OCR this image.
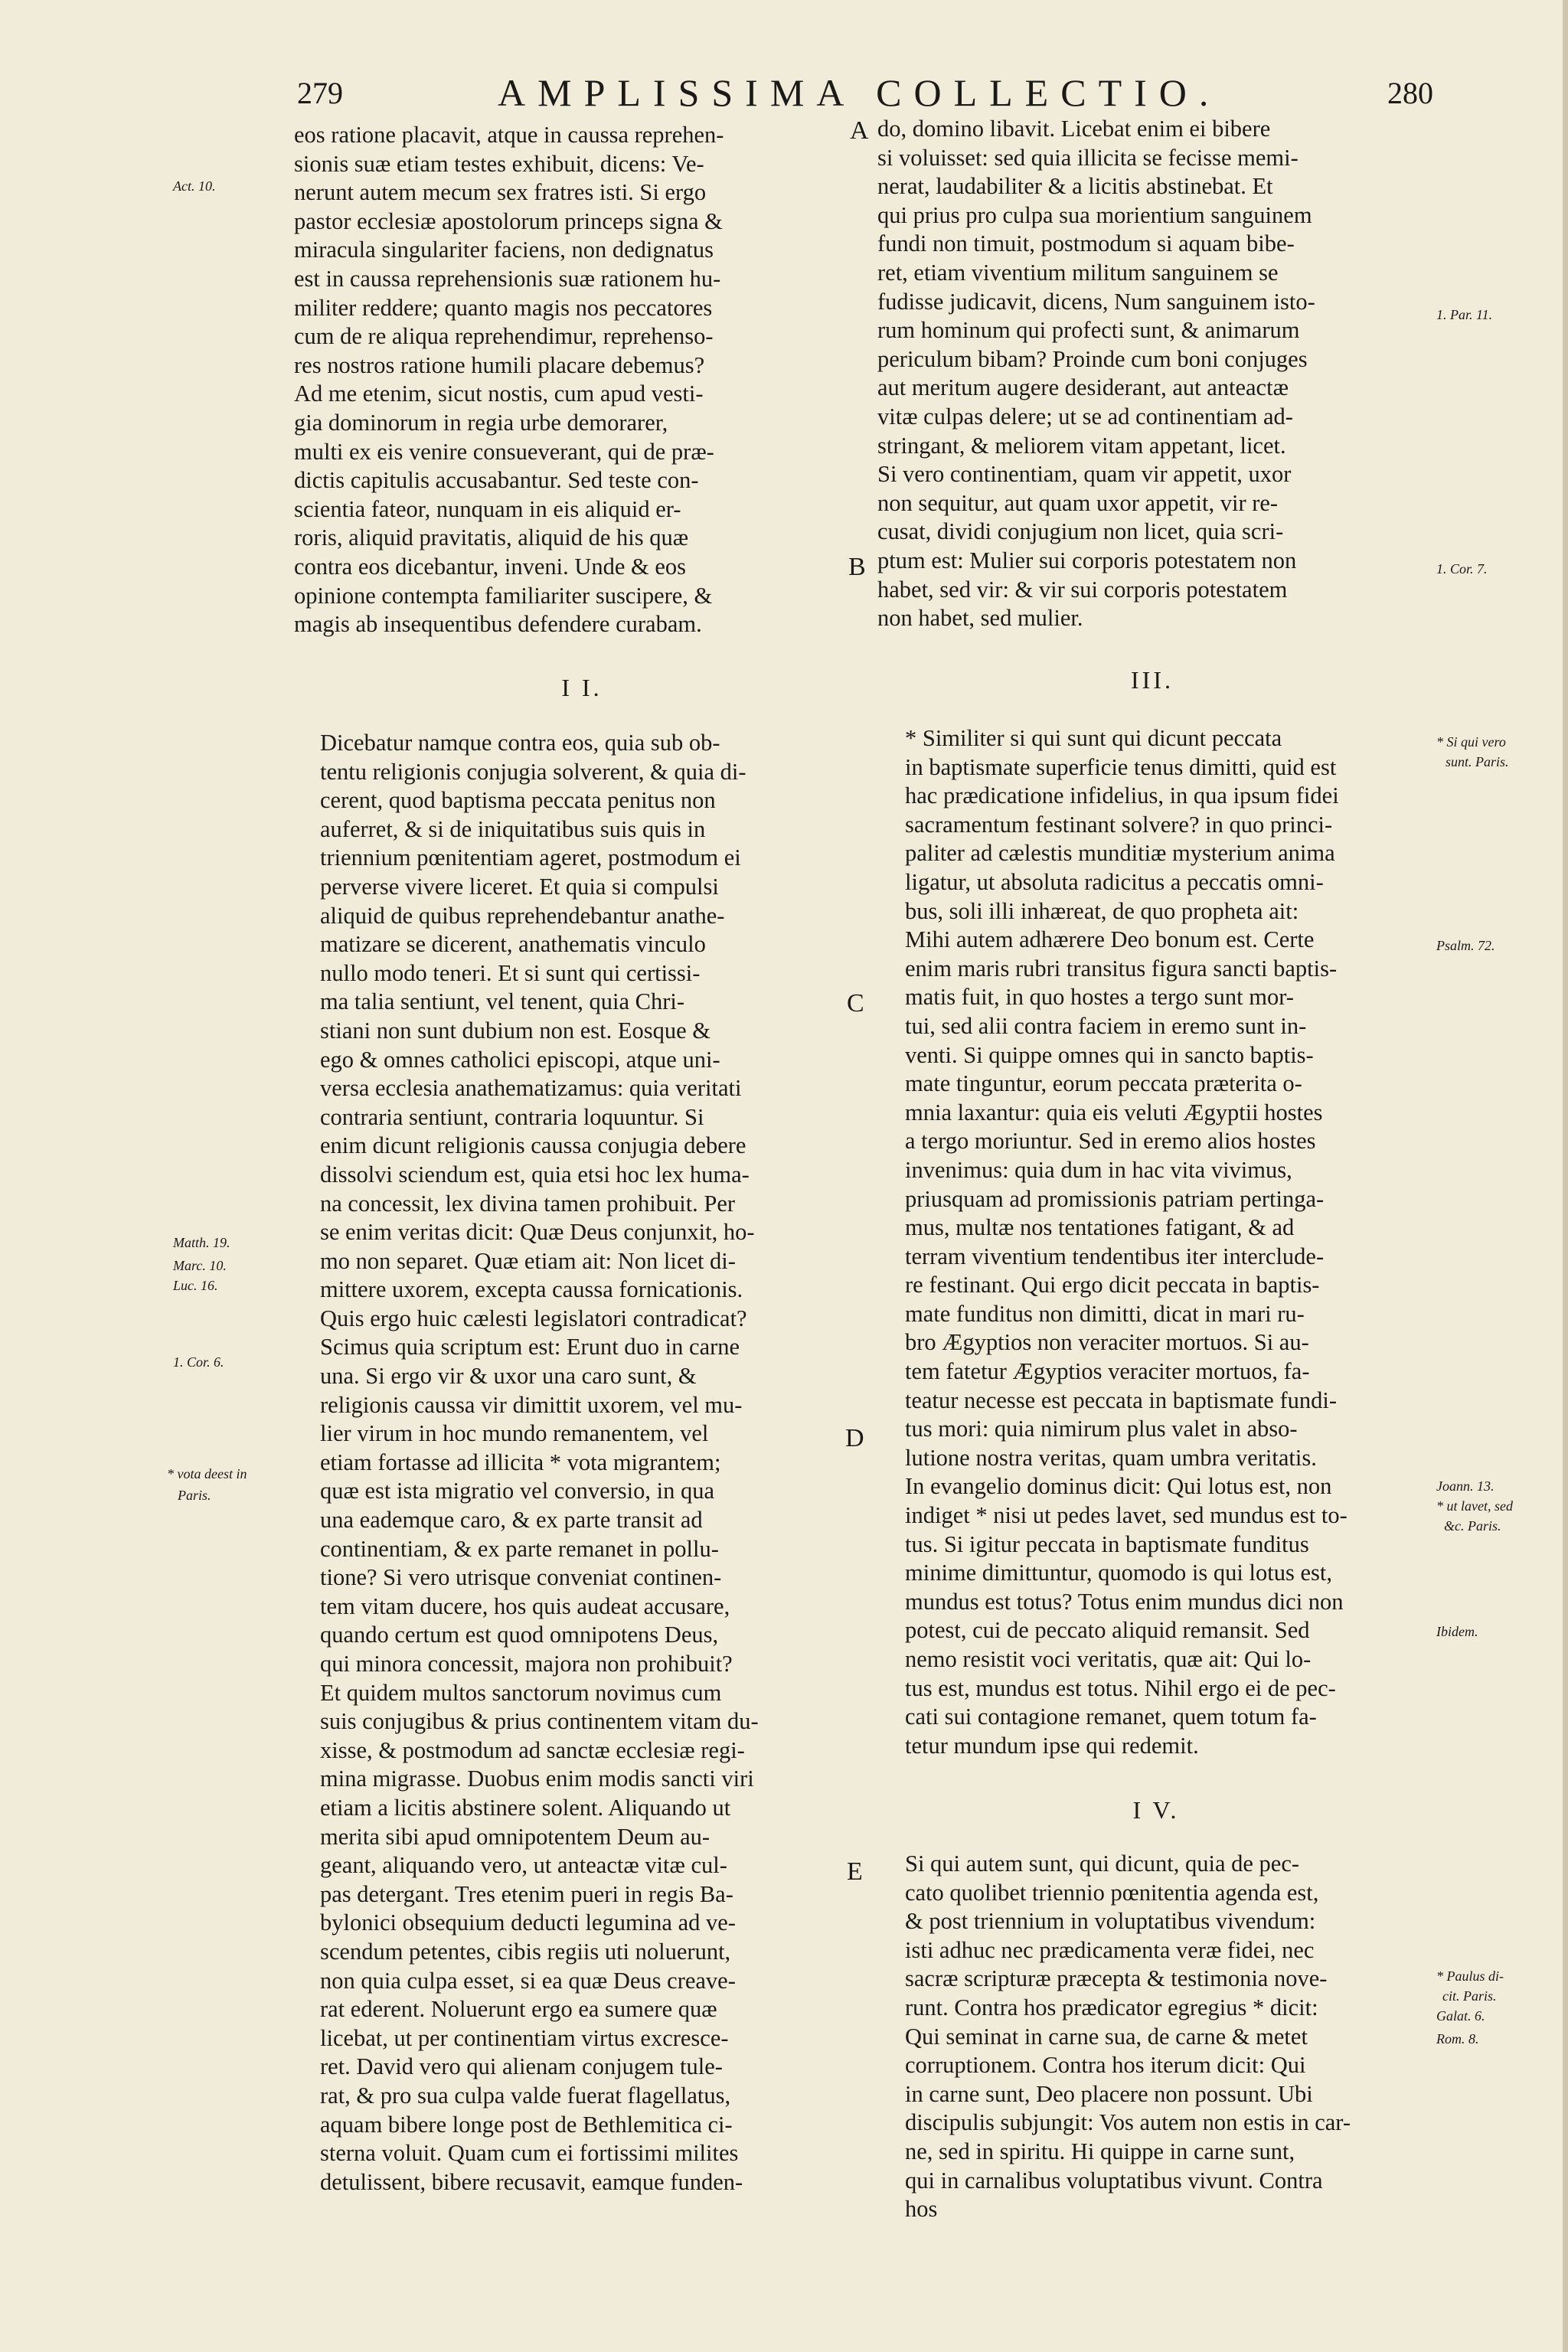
279	AMPLISSIMA COLLECTIO.	280

eos ratione placavit, atque in caussa reprehen-
sionis suæ etiam testes exhibuit, dicens: Ve-
nerunt autem mecum sex fratres isti. Si ergo
pastor ecclesiæ apostolorum princeps signa &
miracula singulariter faciens, non dedignatus
est in caussa reprehensionis suæ rationem hu-
militer reddere; quanto magis nos peccatores
cum de re aliqua reprehendimur, reprehenso-
res nostros ratione humili placare debemus?
Ad me etenim, sicut nostis, cum apud vesti-
gia dominorum in regia urbe demorarer,
multi ex eis venire consueverant, qui de præ-
dictis capitulis accusabantur. Sed teste con-
scientia fateor, nunquam in eis aliquid er-
roris, aliquid pravitatis, aliquid de his quæ
contra eos dicebantur, inveni. Unde & eos
opinione contempta familiariter suscipere, &
magis ab insequentibus defendere curabam.

do, domino libavit. Licebat enim ei bibere
si voluisset: sed quia illicita se fecisse memi-
nerat, laudabiliter & a licitis abstinebat. Et
qui prius pro culpa sua morientium sanguinem
fundi non timuit, postmodum si aquam bibe-
ret, etiam viventium militum sanguinem se
fudisse judicavit, dicens, Num sanguinem isto-
rum hominum qui profecti sunt, & animarum
periculum bibam? Proinde cum boni conjuges
aut meritum augere desiderant, aut anteactæ
vitæ culpas delere; ut se ad continentiam ad-
stringant, & meliorem vitam appetant, licet.
Si vero continentiam, quam vir appetit, uxor
non sequitur, aut quam uxor appetit, vir re-
cusat, dividi conjugium non licet, quia scri-
ptum est: Mulier sui corporis potestatem non
habet, sed vir: & vir sui corporis potestatem
non habet, sed mulier.

I I.	III.

Dicebatur namque contra eos, quia sub ob-
tentu religionis conjugia solverent, & quia di-
cerent, quod baptisma peccata penitus non
auferret, & si de iniquitatibus suis quis in
triennium pœnitentiam ageret, postmodum ei
perverse vivere liceret. Et quia si compulsi
aliquid de quibus reprehendebantur anathe-
matizare se dicerent, anathematis vinculo
nullo modo teneri. Et si sunt qui certissi-
ma talia sentiunt, vel tenent, quia Chri-
stiani non sunt dubium non est. Eosque &
ego & omnes catholici episcopi, atque uni-
versa ecclesia anathematizamus: quia veritati
contraria sentiunt, contraria loquuntur. Si
enim dicunt religionis caussa conjugia debere
dissolvi sciendum est, quia etsi hoc lex huma-
na concessit, lex divina tamen prohibuit. Per
se enim veritas dicit: Quæ Deus conjunxit, ho-
mo non separet. Quæ etiam ait: Non licet di-
mittere uxorem, excepta caussa fornicationis.
Quis ergo huic cælesti legislatori contradicat?
Scimus quia scriptum est: Erunt duo in carne
una. Si ergo vir & uxor una caro sunt, &
religionis caussa vir dimittit uxorem, vel mu-
lier virum in hoc mundo remanentem, vel
etiam fortasse ad illicita * vota migrantem;
quæ est ista migratio vel conversio, in qua
una eademque caro, & ex parte transit ad
continentiam, & ex parte remanet in pollu-
tione? Si vero utrisque conveniat continen-
tem vitam ducere, hos quis audeat accusare,
quando certum est quod omnipotens Deus,
qui minora concessit, majora non prohibuit?
Et quidem multos sanctorum novimus cum
suis conjugibus & prius continentem vitam du-
xisse, & postmodum ad sanctæ ecclesiæ regi-
mina migrasse. Duobus enim modis sancti viri
etiam a licitis abstinere solent. Aliquando ut
merita sibi apud omnipotentem Deum au-
geant, aliquando vero, ut anteactæ vitæ cul-
pas detergant. Tres etenim pueri in regis Ba-
bylonici obsequium deducti legumina ad ve-
scendum petentes, cibis regiis uti noluerunt,
non quia culpa esset, si ea quæ Deus creave-
rat ederent. Noluerunt ergo ea sumere quæ
licebat, ut per continentiam virtus excresce-
ret. David vero qui alienam conjugem tule-
rat, & pro sua culpa valde fuerat flagellatus,
aquam bibere longe post de Bethlemitica ci-
sterna voluit. Quam cum ei fortissimi milites
detulissent, bibere recusavit, eamque funden-

* Similiter si qui sunt qui dicunt peccata
in baptismate superficie tenus dimitti, quid est
hac prædicatione infidelius, in qua ipsum fidei
sacramentum festinant solvere? in quo princi-
paliter ad cælestis munditiæ mysterium anima
ligatur, ut absoluta radicitus a peccatis omni-
bus, soli illi inhæreat, de quo propheta ait:
Mihi autem adhærere Deo bonum est. Certe
enim maris rubri transitus figura sancti baptis-
matis fuit, in quo hostes a tergo sunt mor-
tui, sed alii contra faciem in eremo sunt in-
venti. Si quippe omnes qui in sancto baptis-
mate tinguntur, eorum peccata præterita o-
mnia laxantur: quia eis veluti Ægyptii hostes
a tergo moriuntur. Sed in eremo alios hostes
invenimus: quia dum in hac vita vivimus,
priusquam ad promissionis patriam pertinga-
mus, multæ nos tentationes fatigant, & ad
terram viventium tendentibus iter interclude-
re festinant. Qui ergo dicit peccata in baptis-
mate funditus non dimitti, dicat in mari ru-
bro Ægyptios non veraciter mortuos. Si au-
tem fatetur Ægyptios veraciter mortuos, fa-
teatur necesse est peccata in baptismate fundi-
tus mori: quia nimirum plus valet in abso-
lutione nostra veritas, quam umbra veritatis.
In evangelio dominus dicit: Qui lotus est, non
indiget * nisi ut pedes lavet, sed mundus est to-
tus. Si igitur peccata in baptismate funditus
minime dimittuntur, quomodo is qui lotus est,
mundus est totus? Totus enim mundus dici non
potest, cui de peccato aliquid remansit. Sed
nemo resistit voci veritatis, quæ ait: Qui lo-
tus est, mundus est totus. Nihil ergo ei de pec-
cati sui contagione remanet, quem totum fa-
tetur mundum ipse qui redemit.

I V.

Si qui autem sunt, qui dicunt, quia de pec-
cato quolibet triennio pœnitentia agenda est,
& post triennium in voluptatibus vivendum:
isti adhuc nec prædicamenta veræ fidei, nec
sacræ scripturæ præcepta & testimonia nove-
runt. Contra hos prædicator egregius * dicit:
Qui seminat in carne sua, de carne & metet
corruptionem. Contra hos iterum dicit: Qui
in carne sunt, Deo placere non possunt. Ubi
discipulis subjungit: Vos autem non estis in car-
ne, sed in spiritu. Hi quippe in carne sunt,
qui in carnalibus voluptatibus vivunt. Contra
hos

A
B
C
D
E
Act. 10.
Matth. 19.
Marc. 10.
Luc. 16.
1. Cor. 6.
* vota deest in
Paris.
1. Par. 11.
1. Cor. 7.
* Si qui vero
sunt. Paris.
Psalm. 72.
Joann. 13.
* ut lavet, sed
&c. Paris.
Ibidem.
* Paulus di-
cit. Paris.
Galat. 6.
Rom. 8.
